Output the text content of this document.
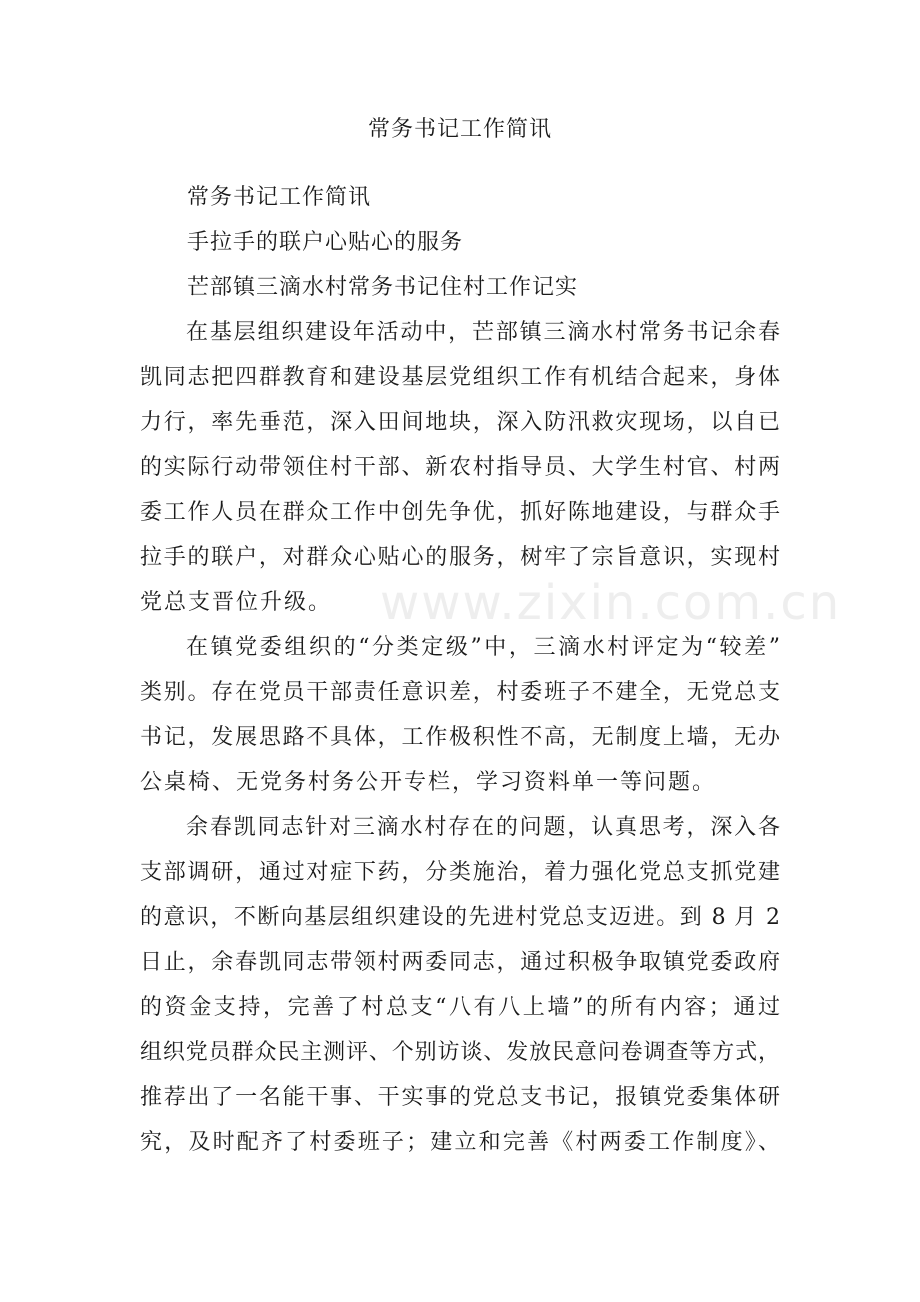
www.zixin.com.cn
常务书记工作简讯
常务书记工作简讯
手拉手的联户心贴心的服务
芒部镇三滴水村常务书记住村工作记实
在基层组织建设年活动中，芒部镇三滴水村常务书记余春
凯同志把四群教育和建设基层党组织工作有机结合起来，身体
力行，率先垂范，深入田间地块，深入防汛救灾现场，以自已
的实际行动带领住村干部、新农村指导员、大学生村官、村两
委工作人员在群众工作中创先争优，抓好陈地建设，与群众手
拉手的联户，对群众心贴心的服务，树牢了宗旨意识，实现村
党总支晋位升级。
在镇党委组织的“分类定级”中，三滴水村评定为“较差”
类别。存在党员干部责任意识差，村委班子不建全，无党总支
书记，发展思路不具体，工作极积性不高，无制度上墙，无办
公桌椅、无党务村务公开专栏，学习资料单一等问题。
余春凯同志针对三滴水村存在的问题，认真思考，深入各
支部调研，通过对症下药，分类施治，着力强化党总支抓党建
的意识，不断向基层组织建设的先进村党总支迈进。到 8 月 2
日止，余春凯同志带领村两委同志，通过积极争取镇党委政府
的资金支持，完善了村总支“八有八上墙”的所有内容；通过
组织党员群众民主测评、个别访谈、发放民意问卷调查等方式，
推荐出了一名能干事、干实事的党总支书记，报镇党委集体研
究，及时配齐了村委班子；建立和完善《村两委工作制度》、
